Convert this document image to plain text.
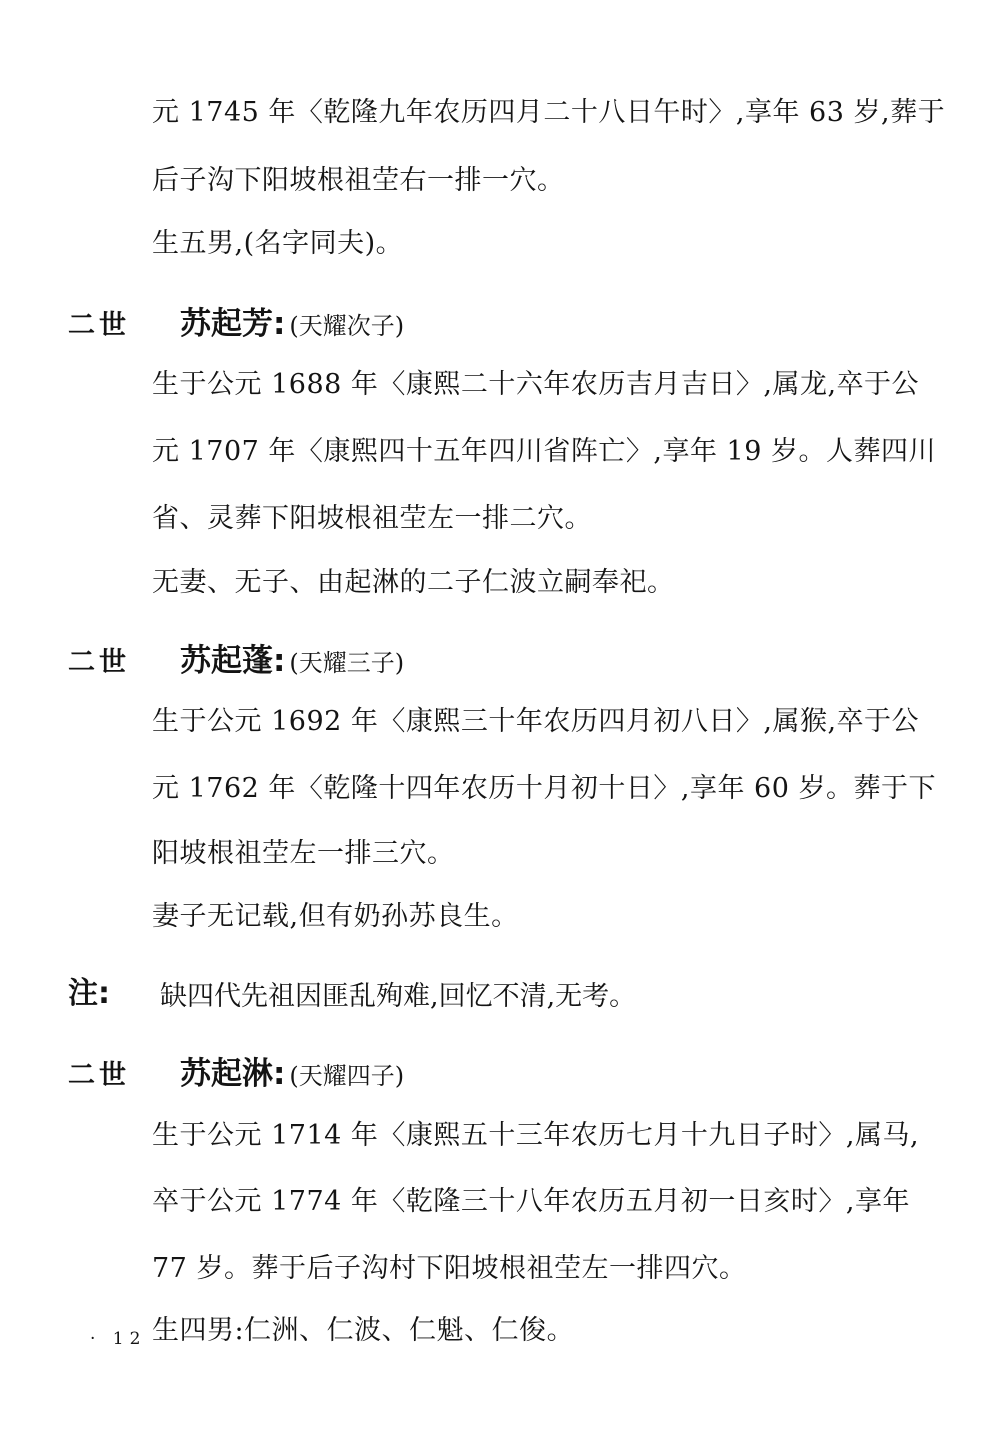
元 1745 年〈乾隆九年农历四月二十八日午时〉,享年 63 岁,葬于
后子沟下阳坡根祖茔右一排一穴。
生五男,(名字同夫)。
二世	苏起芳 : (天耀次子)
生于公元 1688 年〈康熙二十六年农历吉月吉日〉,属龙,卒于公
元 1707 年〈康熙四十五年四川省阵亡〉,享年 19 岁。人葬四川
省、灵葬下阳坡根祖茔左一排二穴。
无妻、无子、由起淋的二子仁波立嗣奉祀。
二世	苏起蓬 : (天耀三子)
生于公元 1692 年〈康熙三十年农历四月初八日〉,属猴,卒于公
元 1762 年〈乾隆十四年农历十月初十日〉,享年 60 岁。葬于下
阳坡根祖茔左一排三穴。
妻子无记载,但有奶孙苏良生。
注: 缺四代先祖因匪乱殉难,回忆不清,无考。
二世	苏起淋 : (天耀四子)
生于公元 1714 年〈康熙五十三年农历七月十九日子时〉,属马,
卒于公元 1774 年〈乾隆三十八年农历五月初一日亥时〉,享年
77 岁。葬于后子沟村下阳坡根祖茔左一排四穴。
生四男:仁洲、仁波、仁魁、仁俊。
· 12 ·
